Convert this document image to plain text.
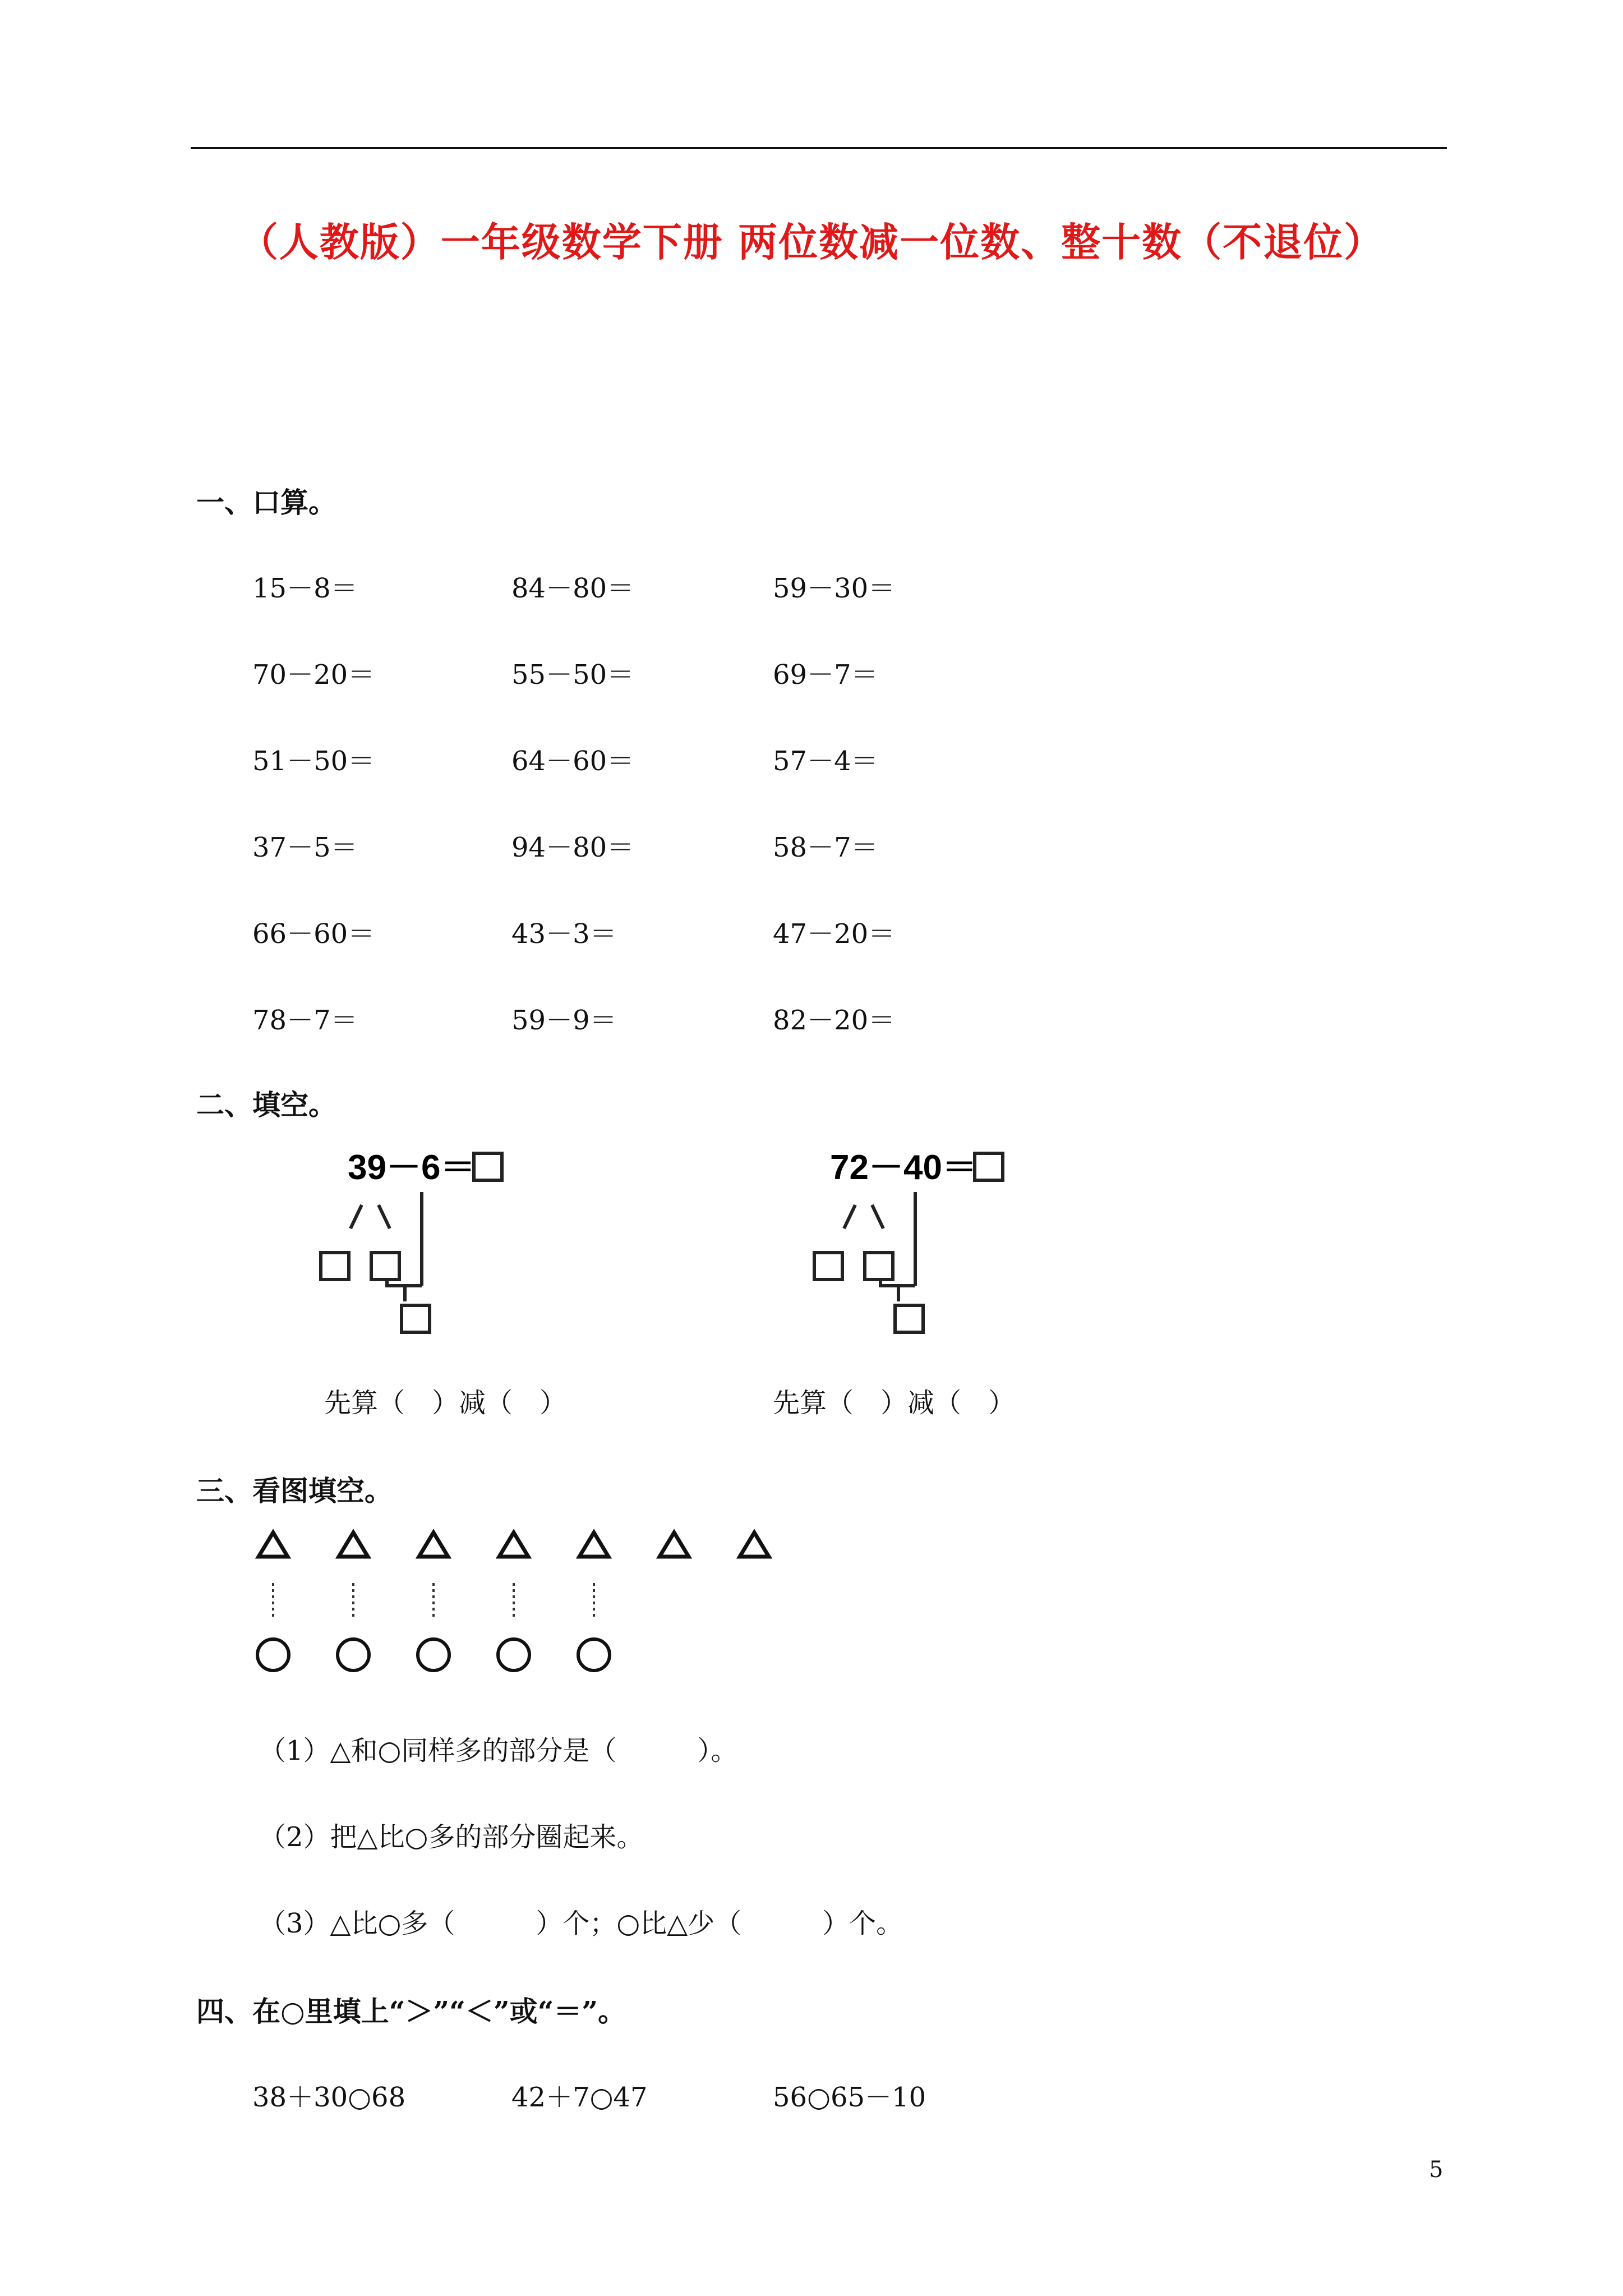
（人教版）一年级数学下册 两位数减一位数、整十数（不退位）
一、口算。
15－8＝	84－80＝	59－30＝
70－20＝	55－50＝	69－7＝
51－50＝	64－60＝	57－4＝
37－5＝	94－80＝	58－7＝
66－60＝	43－3＝	47－20＝
78－7＝	59－9＝	82－20＝
二、填空。
39－6＝	72－40＝
先算（　）减（　）	先算（　）减（　）
三、看图填空。
（1）△和○同样多的部分是（　　　）。
（2）把△比○多的部分圈起来。
（3）△比○多（　　　）个；○比△少（　　　）个。
四、在○里填上“＞”“＜”或“＝”。
38＋30○68	42＋7○47	56○65－10
5
